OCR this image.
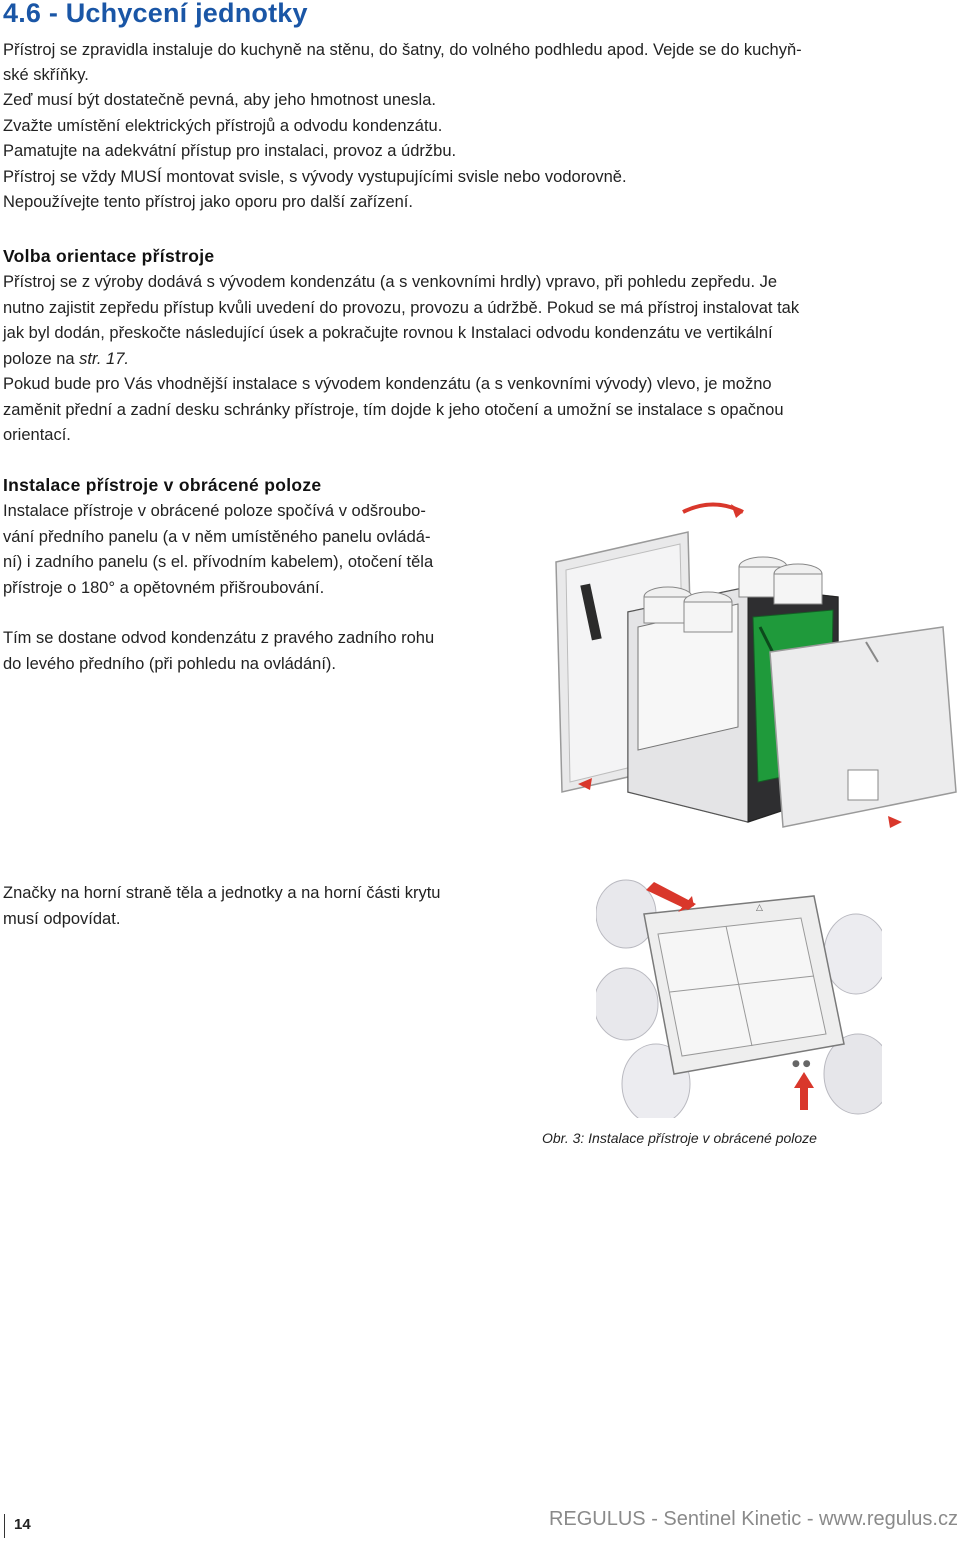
4.6 - Uchycení jednotky
Přístroj se zpravidla instaluje do kuchyně na stěnu, do šatny, do volného podhledu apod. Vejde se do kuchyň-
ské skříňky.
Zeď musí být dostatečně pevná, aby jeho hmotnost unesla.
Zvažte umístění elektrických přístrojů a odvodu kondenzátu.
Pamatujte na adekvátní přístup pro instalaci, provoz a údržbu.
Přístroj se vždy MUSÍ montovat svisle, s vývody vystupujícími svisle nebo vodorovně.
Nepoužívejte tento přístroj jako oporu pro další zařízení.
Volba orientace přístroje
Přístroj se z výroby dodává s vývodem kondenzátu (a s venkovními hrdly) vpravo, při pohledu zepředu. Je
nutno zajistit zepředu přístup kvůli uvedení do provozu, provozu a údržbě. Pokud se má přístroj instalovat tak
jak byl dodán, přeskočte následující úsek a pokračujte rovnou k Instalaci odvodu kondenzátu ve vertikální
poloze na str. 17.
Pokud bude pro Vás vhodnější instalace s vývodem kondenzátu (a s venkovními vývody) vlevo, je možno
zaměnit přední a zadní desku schránky přístroje, tím dojde k jeho otočení a umožní se instalace s opačnou
orientací.
Instalace přístroje v obrácené poloze
Instalace přístroje v obrácené poloze spočívá v odšroubo-
vání předního panelu (a v něm umístěného panelu ovládá-
ní) i zadního panelu (s el. přívodním kabelem), otočení těla
přístroje o 180° a opětovném přišroubování.
Tím se dostane odvod kondenzátu z pravého zadního rohu
do levého předního (při pohledu na ovládání).
Značky na horní straně těla a jednotky a na horní části krytu
musí odpovídat.
△
● ●
Obr. 3: Instalace přístroje v obrácené poloze
14	REGULUS - Sentinel Kinetic - www.regulus.cz
